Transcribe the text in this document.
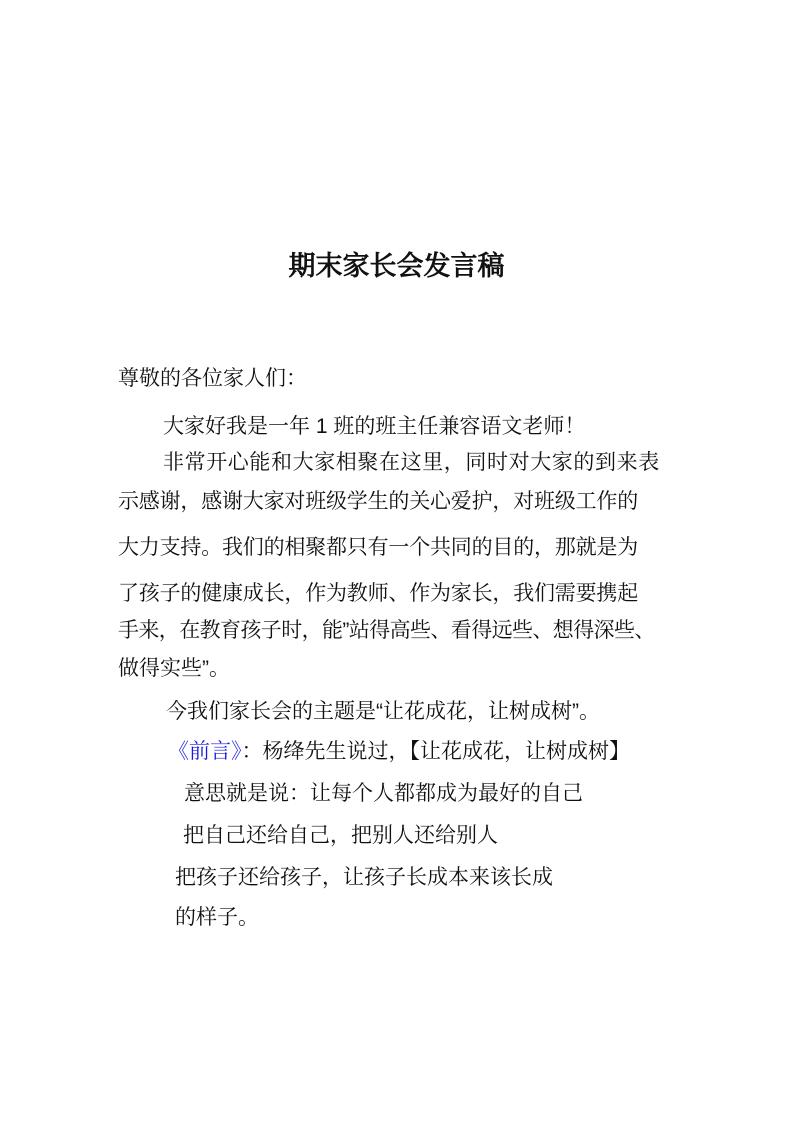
期末家长会发言稿
尊敬的各位家人们：
大家好我是一年 1 班的班主任兼容语文老师！
非常开心能和大家相聚在这里，同时对大家的到来表
示感谢，感谢大家对班级学生的关心爱护，对班级工作的
大力支持。我们的相聚都只有一个共同的目的，那就是为
了孩子的健康成长，作为教师、作为家长，我们需要携起
手来，在教育孩子时，能”站得高些、看得远些、想得深些、
做得实些”。
今我们家长会的主题是“让花成花，让树成树”。
《前言》：杨绛先生说过，【让花成花，让树成树】
意思就是说：让每个人都都成为最好的自己
把自己还给自己，把别人还给别人
把孩子还给孩子，让孩子长成本来该长成
的样子。
